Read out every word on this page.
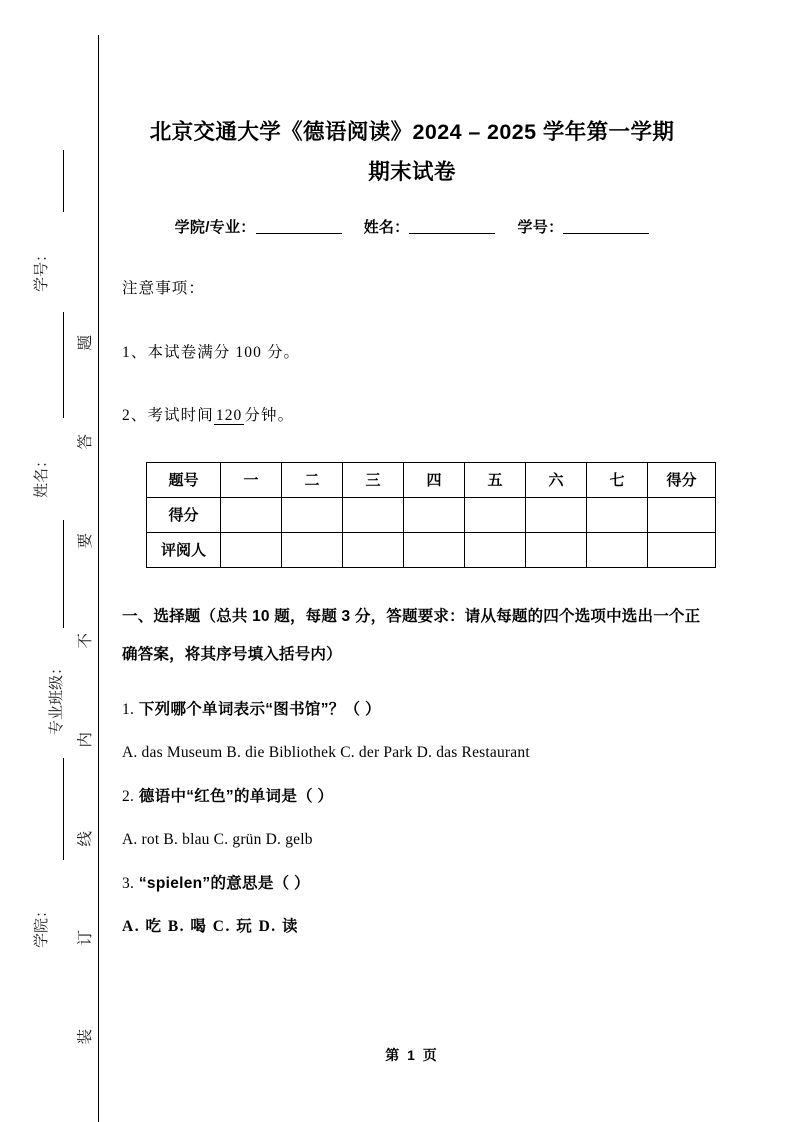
题
答
要
不
内
线
订
装
学号：
姓名：
专业班级：
学院：
北京交通大学《德语阅读》2024 – 2025 学年第一学期
期末试卷
学院/专业：	姓名：	学号：
注意事项：
1、本试卷满分 100 分。
2、考试时间 120 分钟。
题号	一	二	三	四	五	六	七	得分
得分								
评阅人								
一、选择题（总共 10 题，每题 3 分，答题要求：请从每题的四个选项中选出一个正确答案，将其序号填入括号内）
1. 下列哪个单词表示“图书馆”？（ ）
A. das Museum B. die Bibliothek C. der Park D. das Restaurant
2. 德语中“红色”的单词是（ ）
A. rot B. blau C. grün D. gelb
3. “spielen”的意思是（ ）
A. 吃 B. 喝 C. 玩 D. 读
第 1 页
